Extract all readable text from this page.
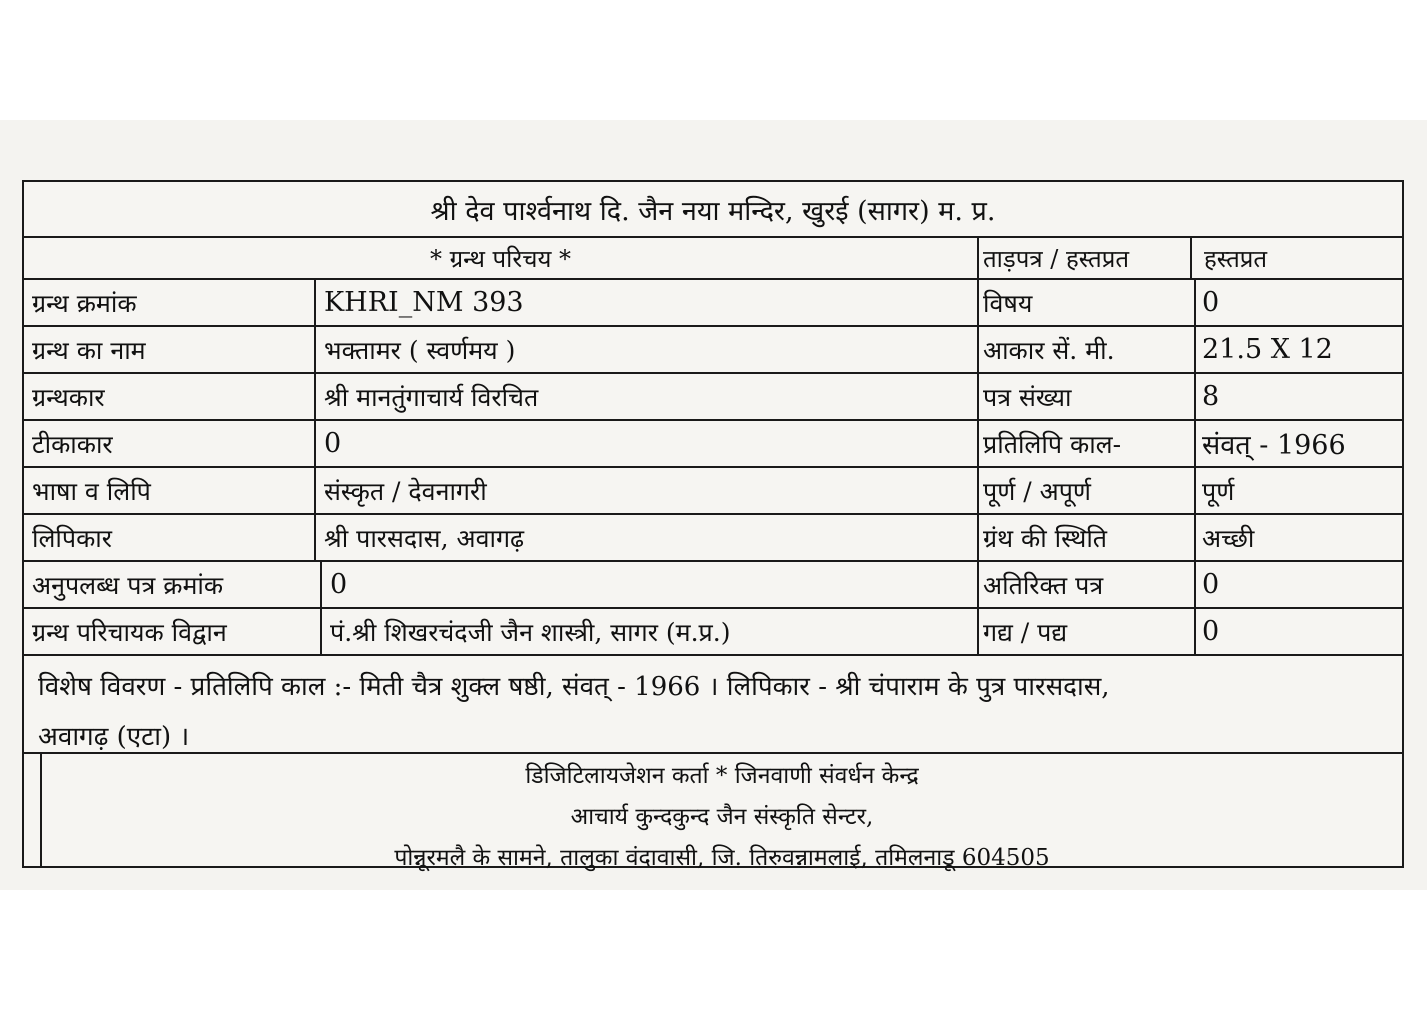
श्री देव पार्श्वनाथ दि. जैन नया मन्दिर, खुरई (सागर) म. प्र.
* ग्रन्थ परिचय *	ताड़पत्र / हस्तप्रत	हस्तप्रत
ग्रन्थ क्रमांक	KHRI_NM 393	विषय	0
ग्रन्थ का नाम	भक्तामर ( स्वर्णमय )	आकार सें. मी.	21.5 X 12
ग्रन्थकार	श्री मानतुंगाचार्य विरचित	पत्र संख्या	8
टीकाकार	0	प्रतिलिपि काल-	संवत् - 1966
भाषा व लिपि	संस्कृत / देवनागरी	पूर्ण / अपूर्ण	पूर्ण
लिपिकार	श्री पारसदास, अवागढ़	ग्रंथ की स्थिति	अच्छी
अनुपलब्ध पत्र क्रमांक	0	अतिरिक्त पत्र	0
ग्रन्थ परिचायक विद्वान	पं.श्री शिखरचंदजी जैन शास्त्री, सागर (म.प्र.)	गद्य / पद्य	0
विशेष विवरण - प्रतिलिपि काल :- मिती चैत्र शुक्ल षष्ठी, संवत् - 1966 । लिपिकार - श्री चंपाराम के पुत्र पारसदास,
अवागढ़ (एटा) ।
डिजिटिलायजेशन कर्ता * जिनवाणी संवर्धन केन्द्र
आचार्य कुन्दकुन्द जैन संस्कृति सेन्टर,
पोन्नूरमलै के सामने, तालुका वंदावासी, जि. तिरुवन्नामलाई, तमिलनाडू 604505
